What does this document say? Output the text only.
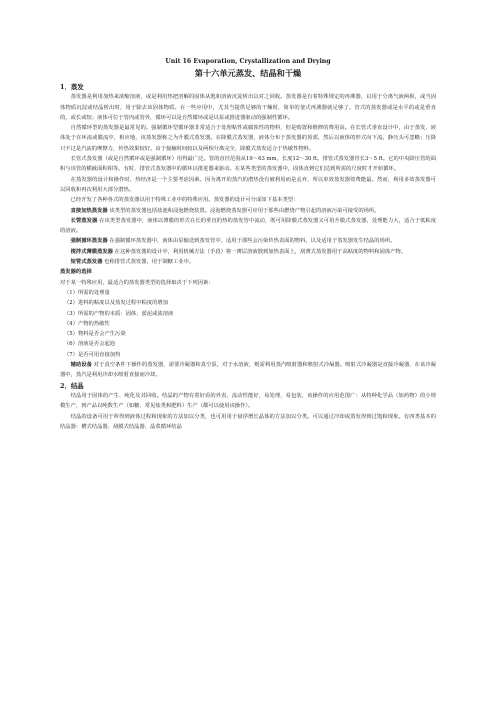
Unit 16 Evaporation, Crystallization and Drying

第十六单元蒸发、结晶和干燥

1．蒸发

蒸发器是利用加热来浓缩溶液，或是利用热把溶解的固体从饱和溶液沉淀析出以对之回收。蒸发器是有着特殊规定的再沸器，以用于分离气液两相，或当固体物质沉淀或结晶析出时，用于除去该固体物质。在一些应用中，尤其当提供足够的干燥时，简单的釜式再沸器就足够了。管式的蒸发器或是水平的或是垂直的，或长或短；液体可位于管内或管外，循环可以是自然循环或是以泵或推进器驱动的强制性循环。

自然循环型的蒸发器是最常见的。强制循环型循环器非常适合于处理粘性或腐蚀性的物料，但是购置和维修的费用高。在长管式垂直设计中，由于蒸发，液体处于在环流或膜流中，相应地，该蒸发器称之为升膜式蒸发器。在降膜式蒸发器，液体分布于蒸发器的顶部，然后以液体的形式向下流。静压头可忽略；压降只不过是汽流的摩擦力，传热效果较好。由于接触时间较以及两相分离完全，降膜式蒸发适合于热敏性物料。

长管式蒸发器（或是自然循环或是强制循环）用得最广泛。管的直径范围从19～63 mm，长度12～30 ft。排管式蒸发器管长3～5 ft。它的中央降压管的面积与该管的横截面积相等。有时，排管式蒸发器中的循环以推进器来驱动。在某些类型的蒸发器中，固体直到它们达到所需的尺度时才开始循环。

在蒸发器的设计和操作时，热经济是一个主要考虑因素。因为离开的蒸汽的潜热没有被利用而是丢弃，所以单效蒸发器效费能最。然而，利用多效蒸发器可以回收和再次利用大部分潜热。

已经开发了各种各式的蒸发器以用于特殊工业中的特殊应用。蒸发器的设计可分成如下基本类型：

直接加热蒸发器 该类型的蒸发器包括盐池和浸泡燃烧装置。浸泡燃烧蒸发器可应用于那些由燃烧产物引起的溶液污染可接受的场所。

长管蒸发器 在该类型蒸发器中，液体以薄膜的形式在长的垂直的热的蒸发管中流动，既可用降膜式蒸发器又可用升膜式蒸发器，处理能力大，适合于低粘度的溶液。

强制循环蒸发器 在强制循环蒸发器中，液体由泵输送到蒸发管中，适用于那些会污染传热表面的物料，以及适用于蒸发器发生结晶的场所。

搅拌式薄膜蒸发器 在这种蒸发器的设计中，利用机械方法（手段）将一薄层溶液散到加热表面上，刮薄式蒸发器用于高粘度的物料和固体产物。

短管式蒸发器 也称排管式蒸发器，用于制糖工业中。

蒸发器的选择

对于某一特殊应用，最适合的蒸发器类型的选择取决于下列因素：

（1）所需的处理量

（2）进料的粘度以及蒸发过程中粘度的增加

（3）所需的产物的本质：固体、淤泥或浓溶液

（4）产物的热敏性

（5）物料是否会产生污染

（6）溶液是否会起泡

（7）是否可用直接加热

辅助设备 对于真空条件下操作的蒸发器，需要冷凝器和真空泵，对于水溶液，则需利用蒸汽喷射器和喷射式冷凝器。喷射式冷凝器是直接冷凝器，在该冷凝器中，蒸汽是利用冷却水喷射直接而冷却。

2．结晶

结晶用于固体的产生、纯化及其回收。结晶的产物有着好看的外表，流动性能好，易处理，易包装，该操作的应用范围广：从特种化学品（如药物）的小规模生产，到产品以吨数生产（如糖、常见盐类和肥料）生产（都可以使用该操作）。

结晶的设备可用于所得到液体过程和现象的方法加以分类，也可用用于悬浮增长晶体的方法加以分类。可以通过冷却或蒸发得到过饱和现象。有四类基本的结晶器：槽式结晶器、刮膜式结晶器、晶浆循环结晶
